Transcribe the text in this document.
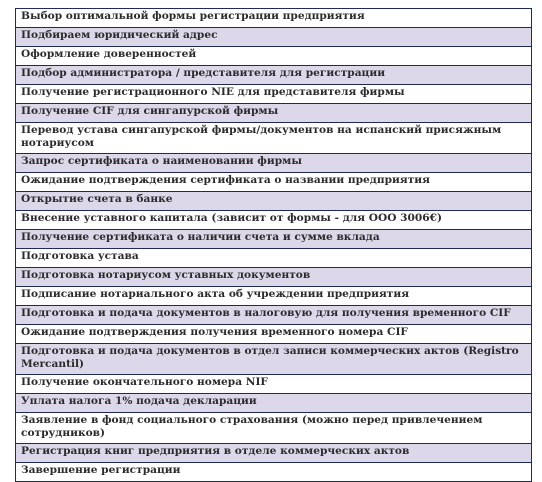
Выбор оптимальной формы регистрации предприятия
Подбираем юридический адрес
Оформление доверенностей
Подбор администратора / представителя для регистрации
Получение регистрационного NIE для представителя фирмы
Получение CIF для сингапурской фирмы
Перевод устава сингапурской фирмы/документов на испанский присяжным нотариусом
Запрос сертификата о наименовании фирмы
Ожидание подтверждения сертификата о названии предприятия
Открытие счета в банке
Внесение уставного капитала (зависит от формы - для ООО 3006€)
Получение сертификата о наличии счета и сумме вклада
Подготовка устава
Подготовка нотариусом уставных документов
Подписание нотариального акта об учреждении предприятия
Подготовка и подача документов в налоговую для получения временного CIF
Ожидание подтверждения получения временного номера CIF
Подготовка и подача документов в отдел записи коммерческих актов (Registro Mercantil)
Получение окончательного номера NIF
Уплата налога 1% подача декларации
Заявление в фонд социального страхования (можно перед привлечением сотрудников)
Регистрация книг предприятия в отделе коммерческих актов
Завершение регистрации
